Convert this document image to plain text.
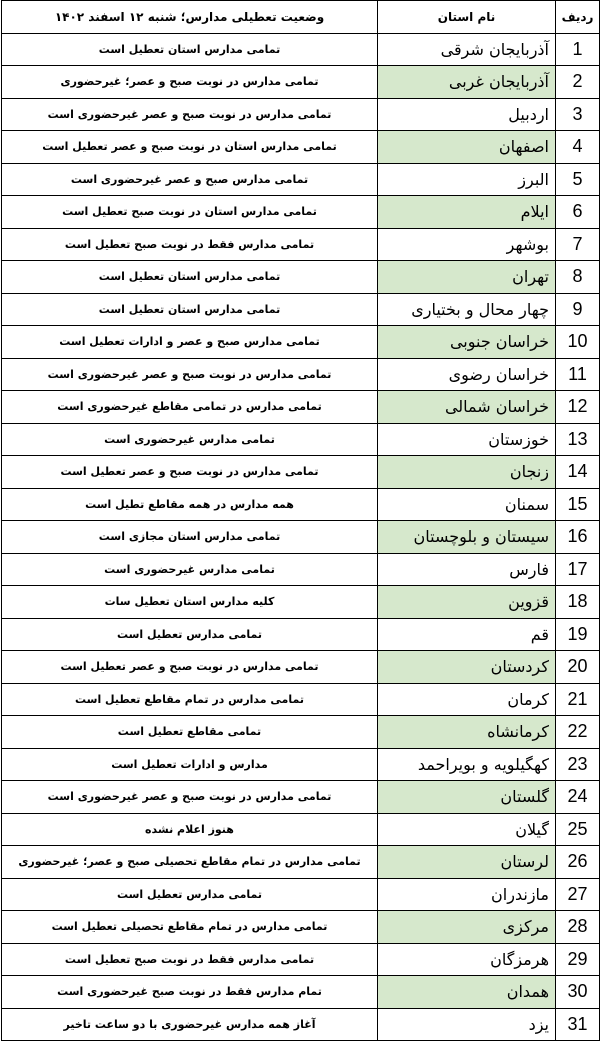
ردیف	نام استان	وضعیت تعطیلی مدارس؛ شنبه ۱۲ اسفند ۱۴۰۲
1	آذربایجان شرقی	تمامی مدارس استان تعطیل است
2	آذربایجان غربی	تمامی مدارس در نوبت صبح و عصر؛ غیرحضوری
3	اردبیل	تمامی مدارس در نوبت صبح و عصر غیرحضوری است
4	اصفهان	تمامی مدارس استان در نوبت صبح و عصر تعطیل است
5	البرز	تمامی مدارس صبح و عصر غیرحضوری است
6	ایلام	تمامی مدارس استان در نوبت صبح تعطیل است
7	بوشهر	تمامی مدارس فقط در نوبت صبح تعطیل است
8	تهران	تمامی مدارس استان تعطیل است
9	چهار محال و بختیاری	تمامی مدارس استان تعطیل است
10	خراسان جنوبی	تمامی مدارس صبح و عصر و ادارات تعطیل است
11	خراسان رضوی	تمامی مدارس در نوبت صبح و عصر غیرحضوری است
12	خراسان شمالی	تمامی مدارس در تمامی مقاطع غیرحضوری است
13	خوزستان	تمامی مدارس غیرحضوری است
14	زنجان	تمامی مدارس در نوبت صبح و عصر تعطیل است
15	سمنان	همه مدارس در همه مقاطع تطیل است
16	سیستان و بلوچستان	تمامی مدارس استان مجازی است
17	فارس	تمامی مدارس غیرحضوری است
18	قزوین	کلیه مدارس استان تعطیل سات
19	قم	تمامی مدارس تعطیل است
20	کردستان	تمامی مدارس در نوبت صبح و عصر تعطیل است
21	کرمان	تمامی مدارس در تمام مقاطع تعطیل است
22	کرمانشاه	تمامی مقاطع تعطیل است
23	کهگیلویه و بویراحمد	مدارس و ادارات تعطیل است
24	گلستان	تمامی مدارس در نوبت صبح و عصر غیرحضوری است
25	گیلان	هنوز اعلام نشده
26	لرستان	تمامی مدارس در تمام مقاطع تحصیلی صبح و عصر؛ غیرحضوری
27	مازندران	تمامی مدارس تعطیل است
28	مرکزی	تمامی مدارس در تمام مقاطع تحصیلی تعطیل است
29	هرمزگان	تمامی مدارس فقط در نوبت صبح تعطیل است
30	همدان	تمام مدارس فقط در نوبت صبح غیرحضوری است
31	یزد	آغاز همه مدارس غیرحضوری با دو ساعت تاخیر
